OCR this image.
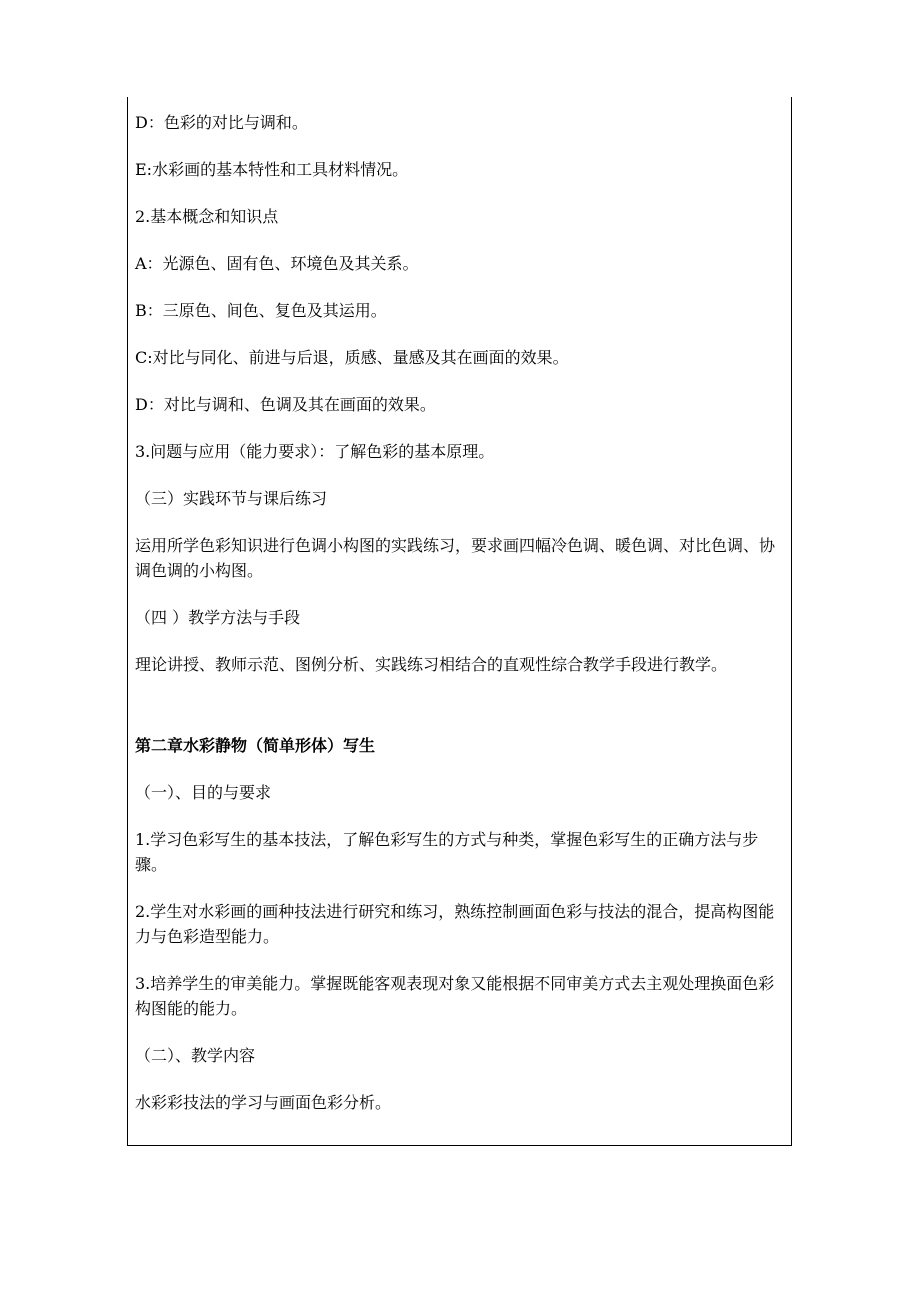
D：色彩的对比与调和。

E:水彩画的基本特性和工具材料情况。

2.基本概念和知识点

A：光源色、固有色、环境色及其关系。

B：三原色、间色、复色及其运用。

C:对比与同化、前进与后退，质感、量感及其在画面的效果。

D：对比与调和、色调及其在画面的效果。

3.问题与应用（能力要求）：了解色彩的基本原理。

（三）实践环节与课后练习

运用所学色彩知识进行色调小构图的实践练习，要求画四幅冷色调、暖色调、对比色调、协调色调的小构图。

（四 ）教学方法与手段

理论讲授、教师示范、图例分析、实践练习相结合的直观性综合教学手段进行教学。

第二章水彩静物（简单形体）写生

（一）、目的与要求

1.学习色彩写生的基本技法，了解色彩写生的方式与种类，掌握色彩写生的正确方法与步骤。

2.学生对水彩画的画种技法进行研究和练习，熟练控制画面色彩与技法的混合，提高构图能力与色彩造型能力。

3.培养学生的审美能力。掌握既能客观表现对象又能根据不同审美方式去主观处理换面色彩构图能的能力。

（二）、教学内容

水彩彩技法的学习与画面色彩分析。
